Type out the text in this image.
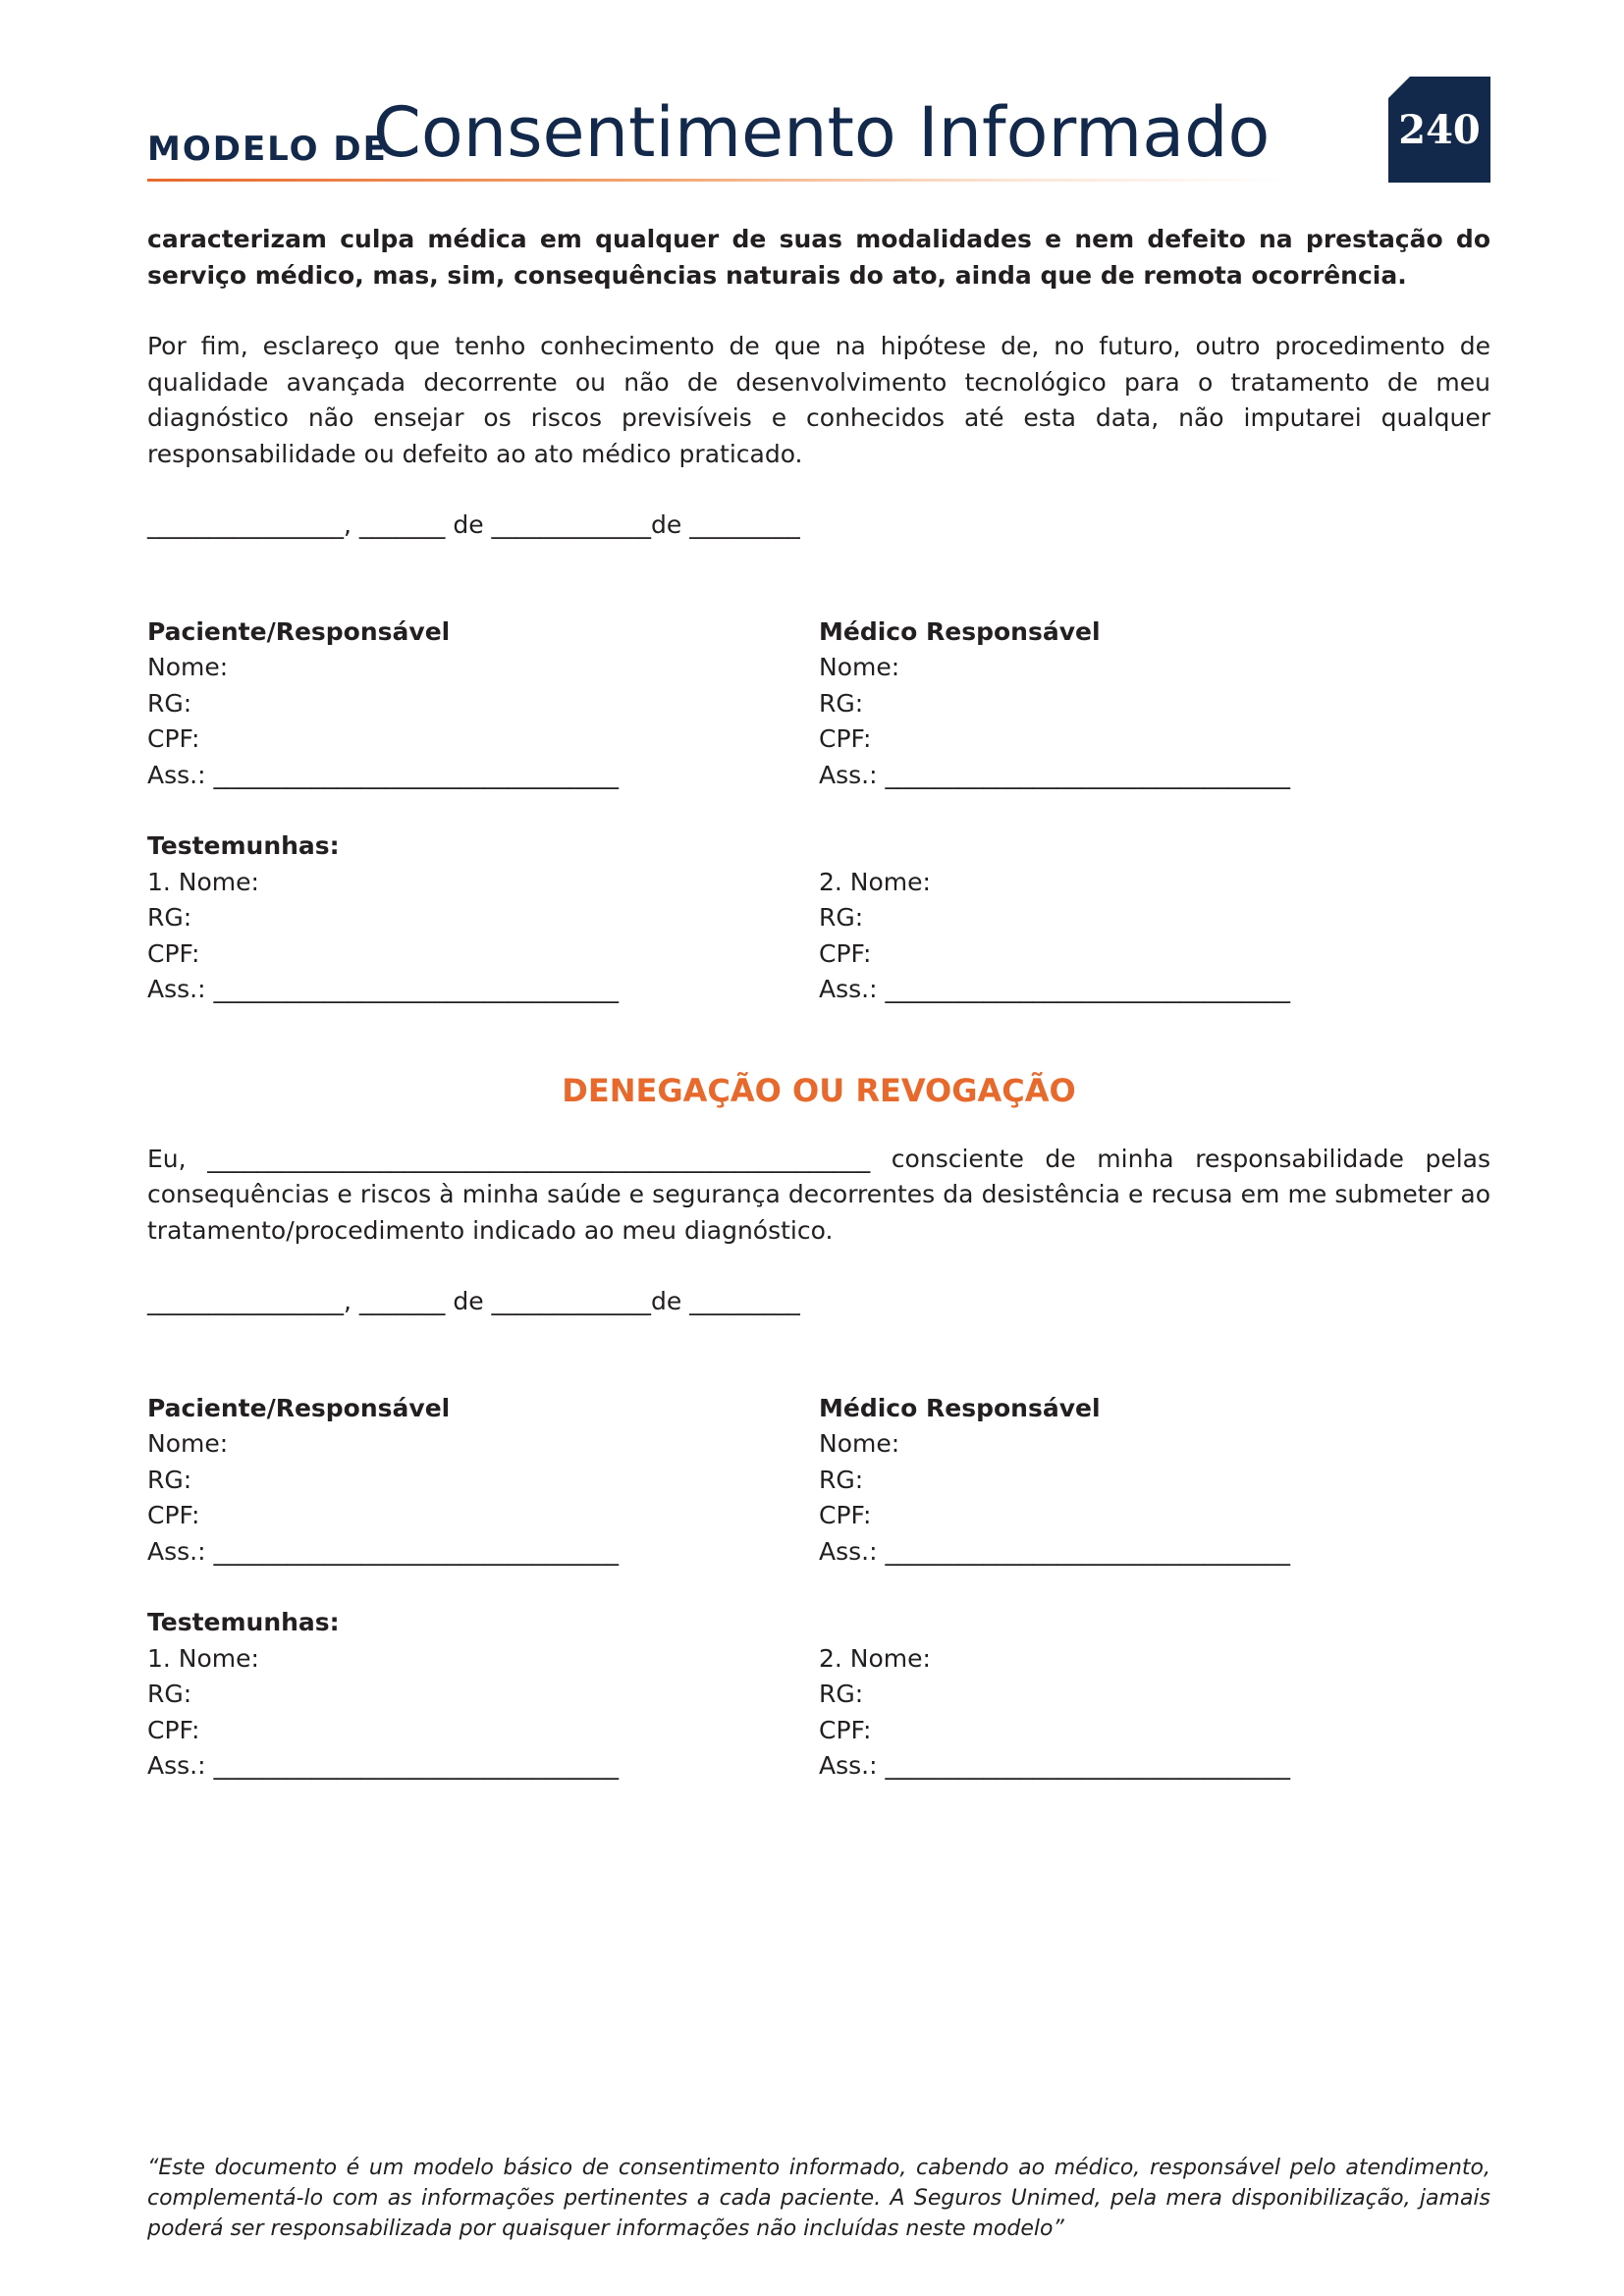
MODELO DE
Consentimento Informado	240

caracterizam culpa médica em qualquer de suas modalidades e nem defeito na prestação do serviço médico, mas, sim, consequências naturais do ato, ainda que de remota ocorrência.

Por fim, esclareço que tenho conhecimento de que na hipótese de, no futuro, outro procedimento de qualidade avançada decorrente ou não de desenvolvimento tecnológico para o tratamento de meu diagnóstico não ensejar os riscos previsíveis e conhecidos até esta data, não imputarei qualquer responsabilidade ou defeito ao ato médico praticado.

________________, _______ de _____________de _________

Paciente/Responsável
Nome:
RG:
CPF:
Ass.: _________________________________
Médico Responsável
Nome:
RG:
CPF:
Ass.: _________________________________
Testemunhas:
1. Nome:
RG:
CPF:
Ass.: _________________________________

2. Nome:
RG:
CPF:
Ass.: _________________________________

DENEGAÇÃO OU REVOGAÇÃO

Eu, ______________________________________________________ consciente de minha responsabilidade pelas consequências e riscos à minha saúde e segurança decorrentes da desistência e recusa em me submeter ao tratamento/procedimento indicado ao meu diagnóstico.

________________, _______ de _____________de _________

Paciente/Responsável
Nome:
RG:
CPF:
Ass.: _________________________________
Médico Responsável
Nome:
RG:
CPF:
Ass.: _________________________________
Testemunhas:
1. Nome:
RG:
CPF:
Ass.: _________________________________

2. Nome:
RG:
CPF:
Ass.: _________________________________
“Este documento é um modelo básico de consentimento informado, cabendo ao médico, responsável pelo atendimento, complementá-lo com as informações pertinentes a cada paciente. A Seguros Unimed, pela mera disponibilização, jamais poderá ser responsabilizada por quaisquer informações não incluídas neste modelo”
